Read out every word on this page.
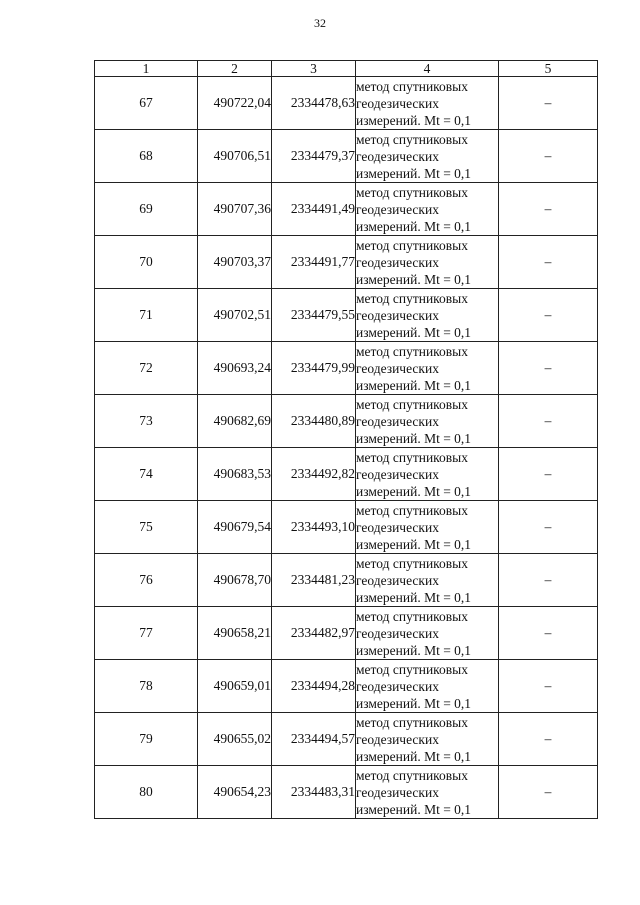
32
1	2	3	4	5
67	490722,04	2334478,63	метод спутниковых
геодезических
измерений. Mt = 0,1	–
68	490706,51	2334479,37	метод спутниковых
геодезических
измерений. Mt = 0,1	–
69	490707,36	2334491,49	метод спутниковых
геодезических
измерений. Mt = 0,1	–
70	490703,37	2334491,77	метод спутниковых
геодезических
измерений. Mt = 0,1	–
71	490702,51	2334479,55	метод спутниковых
геодезических
измерений. Mt = 0,1	–
72	490693,24	2334479,99	метод спутниковых
геодезических
измерений. Mt = 0,1	–
73	490682,69	2334480,89	метод спутниковых
геодезических
измерений. Mt = 0,1	–
74	490683,53	2334492,82	метод спутниковых
геодезических
измерений. Mt = 0,1	–
75	490679,54	2334493,10	метод спутниковых
геодезических
измерений. Mt = 0,1	–
76	490678,70	2334481,23	метод спутниковых
геодезических
измерений. Mt = 0,1	–
77	490658,21	2334482,97	метод спутниковых
геодезических
измерений. Mt = 0,1	–
78	490659,01	2334494,28	метод спутниковых
геодезических
измерений. Mt = 0,1	–
79	490655,02	2334494,57	метод спутниковых
геодезических
измерений. Mt = 0,1	–
80	490654,23	2334483,31	метод спутниковых
геодезических
измерений. Mt = 0,1	–
